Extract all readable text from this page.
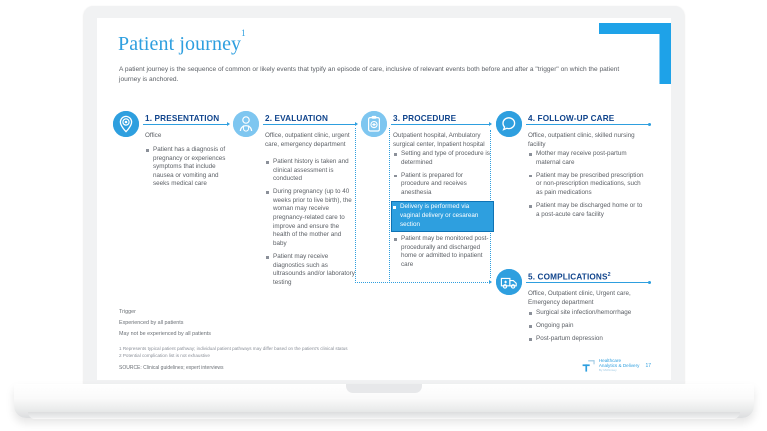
Patient journey$^1$
A patient journey is the sequence of common or likely events that typify an episode of care, inclusive of relevant events both before and after a "trigger" on which the patient journey is anchored.
1. PRESENTATION
Office
Patient has a diagnosis of pregnancy or experiences symptoms that include nausea or vomiting and seeks medical care
2. EVALUATION
Office, outpatient clinic, urgent care, emergency department
Patient history is taken and clinical assessment is conducted
During pregnancy (up to 40 weeks prior to live birth), the woman may receive pregnancy-related care to improve and ensure the health of the mother and baby
Patient may receive diagnostics such as ultrasounds and/or laboratory testing
3. PROCEDURE
Outpatient hospital, Ambulatory surgical center, Inpatient hospital
Setting and type of procedure is determined
Patient is prepared for procedure and receives anesthesia
Delivery is performed via vaginal delivery or cesarean section
Patient may be monitored post-procedurally and discharged home or admitted to inpatient care
4. FOLLOW-UP CARE
Office, outpatient clinic, skilled nursing facility
Mother may receive post-partum maternal care
Patient may be prescribed prescription or non-prescription medications, such as pain medications
Patient may be discharged home or to a post-acute care facility
5. COMPLICATIONS$^2$
Office, Outpatient clinic, Urgent care, Emergency department
Surgical site infection/hemorrhage
Ongoing pain
Post-partum depression
Trigger
Experienced by all patients
May not be experienced by all patients
1 Represents typical patient pathway; individual patient pathways may differ based on the patient's clinical status
2 Potential complication list is not exhaustive
SOURCE: Clinical guidelines; expert interviews
Healthcare
Analytics & Delivery
By McKinsey
17
